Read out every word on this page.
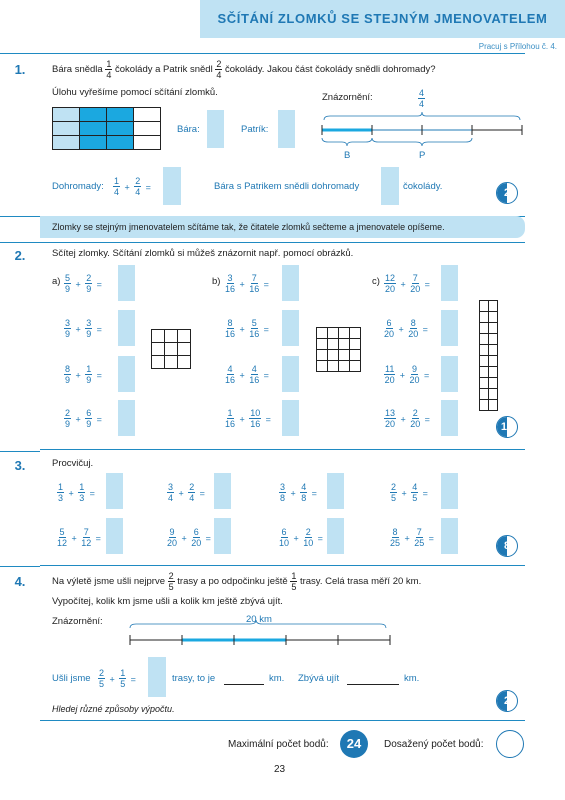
SČÍTÁNÍ ZLOMKŮ SE STEJNÝM JMENOVATELEM
Pracuj s Přílohou č. 4.
1.	Bára snědla $\frac{1}{4}$ čokolády a Patrik snědl $\frac{2}{4}$ čokolády. Jakou část čokolády snědli dohromady?
Úlohu vyřešíme pomocí sčítání zlomků.
Bára:	Patrík:
Znázornění:	$\frac{4}{4}$
B	P
Dohromady: $\frac{1}{4} + \frac{2}{4}$ =	Bára s Patrikem snědli dohromady	čokolády.
2
Zlomky se stejným jmenovatelem sčítáme tak, že čitatele zlomků sečteme a jmenovatele opíšeme.
2.	Sčítej zlomky. Sčítání zlomků si můžeš znázornit např. pomocí obrázků.
a)	b)	c)
$\frac{5}{9} + \frac{2}{9}$ =
$\frac{3}{9} + \frac{3}{9}$ =
$\frac{8}{9} + \frac{1}{9}$ =
$\frac{2}{9} + \frac{6}{9}$ =
$\frac{3}{16} + \frac{7}{16}$ =
$\frac{8}{16} + \frac{5}{16}$ =
$\frac{4}{16} + \frac{4}{16}$ =
$\frac{1}{16} + \frac{10}{16}$ =
$\frac{12}{20} + \frac{7}{20}$ =
$\frac{6}{20} + \frac{8}{20}$ =
$\frac{11}{20} + \frac{9}{20}$ =
$\frac{13}{20} + \frac{2}{20}$ =
12
3.	Procvičuj.
$\frac{1}{3} + \frac{1}{3}$ =	$\frac{3}{4} + \frac{2}{4}$ =	$\frac{3}{8} + \frac{4}{8}$ =	$\frac{2}{5} + \frac{4}{5}$ =
$\frac{5}{12} + \frac{7}{12}$ =	$\frac{9}{20} + \frac{6}{20}$ =	$\frac{6}{10} + \frac{2}{10}$ =	$\frac{8}{25} + \frac{7}{25}$ =
8
4.	Na výletě jsme ušli nejprve $\frac{2}{5}$ trasy a po odpočinku ještě $\frac{1}{5}$ trasy. Celá trasa měří 20 km.
Vypočítej, kolik km jsme ušli a kolik km ještě zbývá ujít.
Znázornění:	20 km
Ušli jsme $\frac{2}{5} + \frac{1}{5}$ =	trasy, to je	km. Zbývá ujít	km.
2
Hledej různé způsoby výpočtu.
Maximální počet bodů:	24	Dosažený počet bodů:
23
